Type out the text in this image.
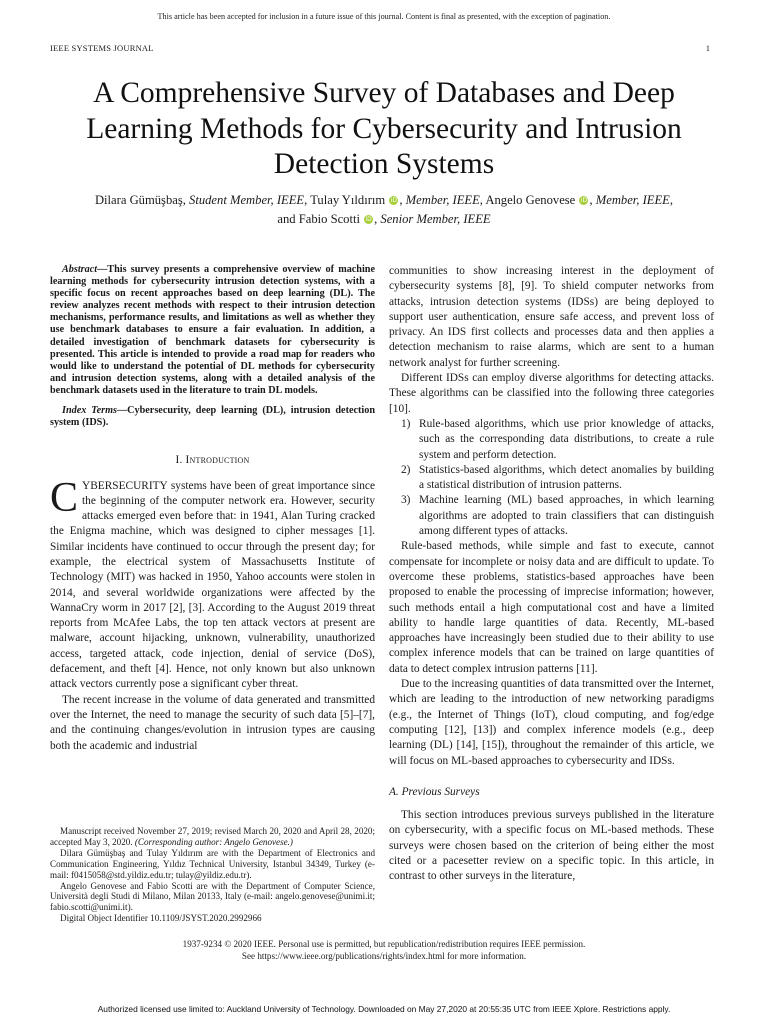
This article has been accepted for inclusion in a future issue of this journal. Content is final as presented, with the exception of pagination.
IEEE SYSTEMS JOURNAL	1
A Comprehensive Survey of Databases and Deep Learning Methods for Cybersecurity and Intrusion Detection Systems
Dilara Gümüşbaş, Student Member, IEEE, Tulay Yıldırım iD , Member, IEEE, Angelo Genovese iD , Member, IEEE,
and Fabio Scotti iD , Senior Member, IEEE

Abstract—This survey presents a comprehensive overview of machine learning methods for cybersecurity intrusion detection systems, with a specific focus on recent approaches based on deep learning (DL). The review analyzes recent methods with respect to their intrusion detection mechanisms, performance results, and limitations as well as whether they use benchmark databases to ensure a fair evaluation. In addition, a detailed investigation of benchmark datasets for cybersecurity is presented. This article is intended to provide a road map for readers who would like to understand the potential of DL methods for cybersecurity and intrusion detection systems, along with a detailed analysis of the benchmark datasets used in the literature to train DL models.

Index Terms—Cybersecurity, deep learning (DL), intrusion detection system (IDS).

I. Introduction

CYBERSECURITY systems have been of great importance since the beginning of the computer network era. However, security attacks emerged even before that: in 1941, Alan Turing cracked the Enigma machine, which was designed to cipher messages [1]. Similar incidents have continued to occur through the present day; for example, the electrical system of Massachusetts Institute of Technology (MIT) was hacked in 1950, Yahoo accounts were stolen in 2014, and several worldwide organizations were affected by the WannaCry worm in 2017 [2], [3]. According to the August 2019 threat reports from McAfee Labs, the top ten attack vectors at present are malware, account hijacking, unknown, vulnerability, unauthorized access, targeted attack, code injection, denial of service (DoS), defacement, and theft [4]. Hence, not only known but also unknown attack vectors currently pose a significant cyber threat.

The recent increase in the volume of data generated and transmitted over the Internet, the need to manage the security of such data [5]–[7], and the continuing changes/evolution in intrusion types are causing both the academic and industrial

Manuscript received November 27, 2019; revised March 20, 2020 and April 28, 2020; accepted May 3, 2020. (Corresponding author: Angelo Genovese.)

Dilara Gümüşbaş and Tulay Yıldırım are with the Department of Electronics and Communication Engineering, Yıldız Technical University, Istanbul 34349, Turkey (e-mail: f0415058@std.yildiz.edu.tr; tulay@yildiz.edu.tr).

Angelo Genovese and Fabio Scotti are with the Department of Computer Science, Università degli Studi di Milano, Milan 20133, Italy (e-mail: angelo.genovese@unimi.it; fabio.scotti@unimi.it).

Digital Object Identifier 10.1109/JSYST.2020.2992966

communities to show increasing interest in the deployment of cybersecurity systems [8], [9]. To shield computer networks from attacks, intrusion detection systems (IDSs) are being deployed to support user authentication, ensure safe access, and prevent loss of privacy. An IDS first collects and processes data and then applies a detection mechanism to raise alarms, which are sent to a human network analyst for further screening.

Different IDSs can employ diverse algorithms for detecting attacks. These algorithms can be classified into the following three categories [10].

1) Rule-based algorithms, which use prior knowledge of attacks, such as the corresponding data distributions, to create a rule system and perform detection.
2) Statistics-based algorithms, which detect anomalies by building a statistical distribution of intrusion patterns.
3) Machine learning (ML) based approaches, in which learning algorithms are adopted to train classifiers that can distinguish among different types of attacks.

Rule-based methods, while simple and fast to execute, cannot compensate for incomplete or noisy data and are difficult to update. To overcome these problems, statistics-based approaches have been proposed to enable the processing of imprecise information; however, such methods entail a high computational cost and have a limited ability to handle large quantities of data. Recently, ML-based approaches have increasingly been studied due to their ability to use complex inference models that can be trained on large quantities of data to detect complex intrusion patterns [11].

Due to the increasing quantities of data transmitted over the Internet, which are leading to the introduction of new networking paradigms (e.g., the Internet of Things (IoT), cloud computing, and fog/edge computing [12], [13]) and complex inference models (e.g., deep learning (DL) [14], [15]), throughout the remainder of this article, we will focus on ML-based approaches to cybersecurity and IDSs.

A. Previous Surveys

This section introduces previous surveys published in the literature on cybersecurity, with a specific focus on ML-based methods. These surveys were chosen based on the criterion of being either the most cited or a pacesetter review on a specific topic. In this article, in contrast to other surveys in the literature,

1937-9234 © 2020 IEEE. Personal use is permitted, but republication/redistribution requires IEEE permission.
See https://www.ieee.org/publications/rights/index.html for more information.
Authorized licensed use limited to: Auckland University of Technology. Downloaded on May 27,2020 at 20:55:35 UTC from IEEE Xplore. Restrictions apply.
